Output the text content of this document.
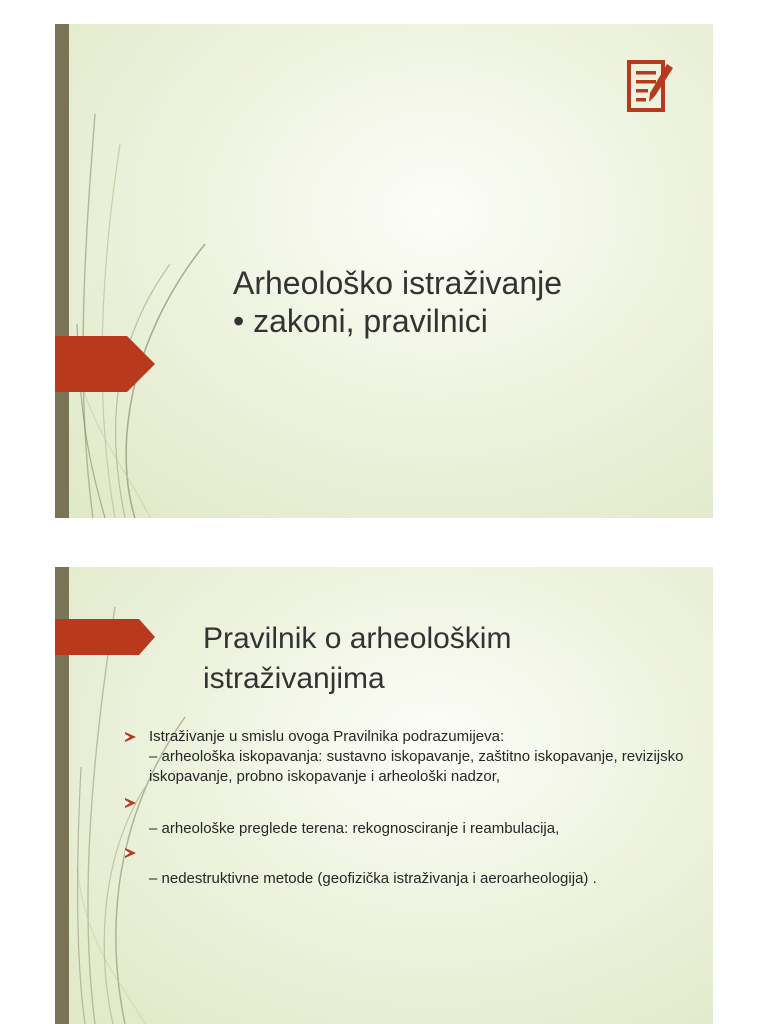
Arheološko istraživanje
• zakoni, pravilnici
Pravilnik o arheološkim
istraživanjima
Istraživanje u smislu ovoga Pravilnika podrazumijeva:
– arheološka iskopavanja: sustavno iskopavanje, zaštitno iskopavanje, revizijsko iskopavanje, probno iskopavanje i arheološki nadzor,

– arheološke preglede terena: rekognosciranje i reambulacija,

– nedestruktivne metode (geofizička istraživanja i aeroarheologija) .
